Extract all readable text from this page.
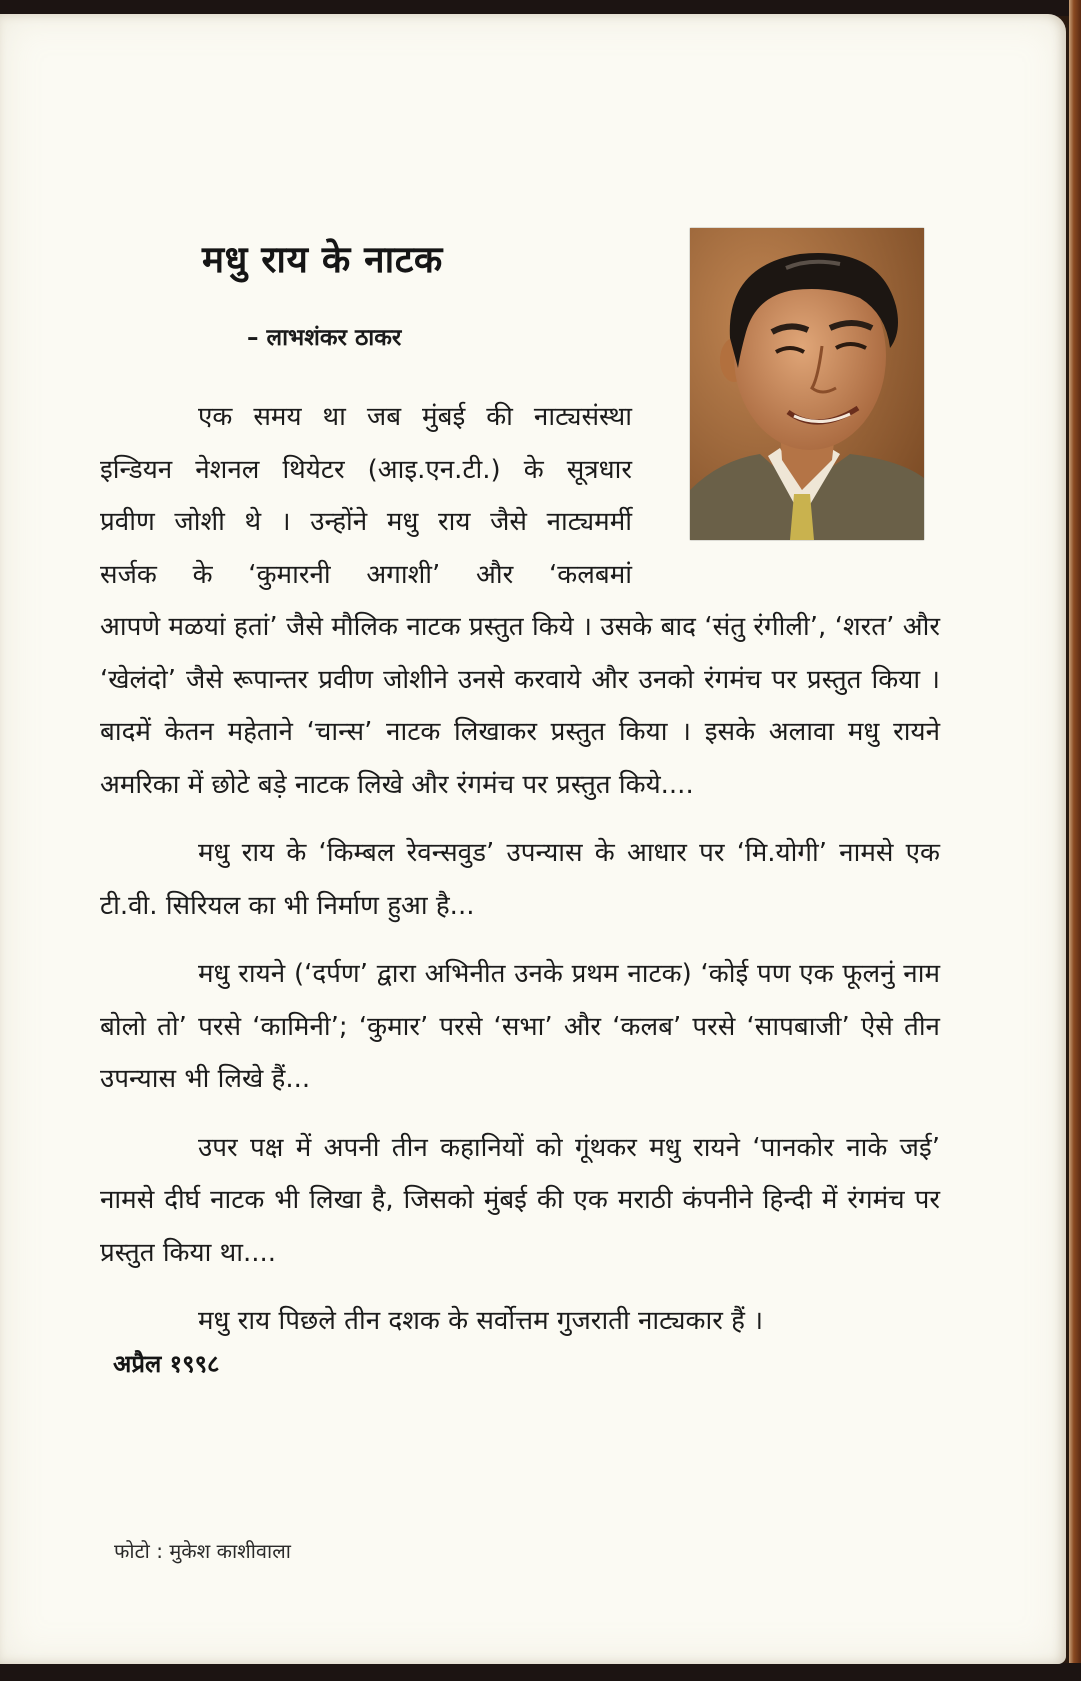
मधु राय के नाटक
– लाभशंकर ठाकर

एक समय था जब मुंबई की नाट्यसंस्था
इन्डियन नेशनल थियेटर (आइ.एन.टी.) के सूत्रधार
प्रवीण जोशी थे । उन्होंने मधु राय जैसे नाट्यमर्मी
सर्जक के ‘कुमारनी अगाशी’ और ‘कलबमां
आपणे मळयां हतां’ जैसे मौलिक नाटक प्रस्तुत किये । उसके बाद ‘संतु रंगीली’, ‘शरत’ और ‘खेलंदो’ जैसे रूपान्तर प्रवीण जोशीने उनसे करवाये और उनको रंगमंच पर प्रस्तुत किया । बादमें केतन महेताने ‘चान्स’ नाटक लिखाकर प्रस्तुत किया । इसके अलावा मधु रायने अमरिका में छोटे बड़े नाटक लिखे और रंगमंच पर प्रस्तुत किये....

मधु राय के ‘किम्बल रेवन्सवुड’ उपन्यास के आधार पर ‘मि.योगी’ नामसे एक टी.वी. सिरियल का भी निर्माण हुआ है...

मधु रायने (‘दर्पण’ द्वारा अभिनीत उनके प्रथम नाटक) ‘कोई पण एक फूलनुं नाम बोलो तो’ परसे ‘कामिनी’; ‘कुमार’ परसे ‘सभा’ और ‘कलब’ परसे ‘सापबाजी’ ऐसे तीन उपन्यास भी लिखे हैं...

उपर पक्ष में अपनी तीन कहानियों को गूंथकर मधु रायने ‘पानकोर नाके जई’ नामसे दीर्घ नाटक भी लिखा है, जिसको मुंबई की एक मराठी कंपनीने हिन्दी में रंगमंच पर प्रस्तुत किया था....

मधु राय पिछले तीन दशक के सर्वोत्तम गुजराती नाट्यकार हैं ।

अप्रैल १९९८
फोटो : मुकेश काशीवाला
